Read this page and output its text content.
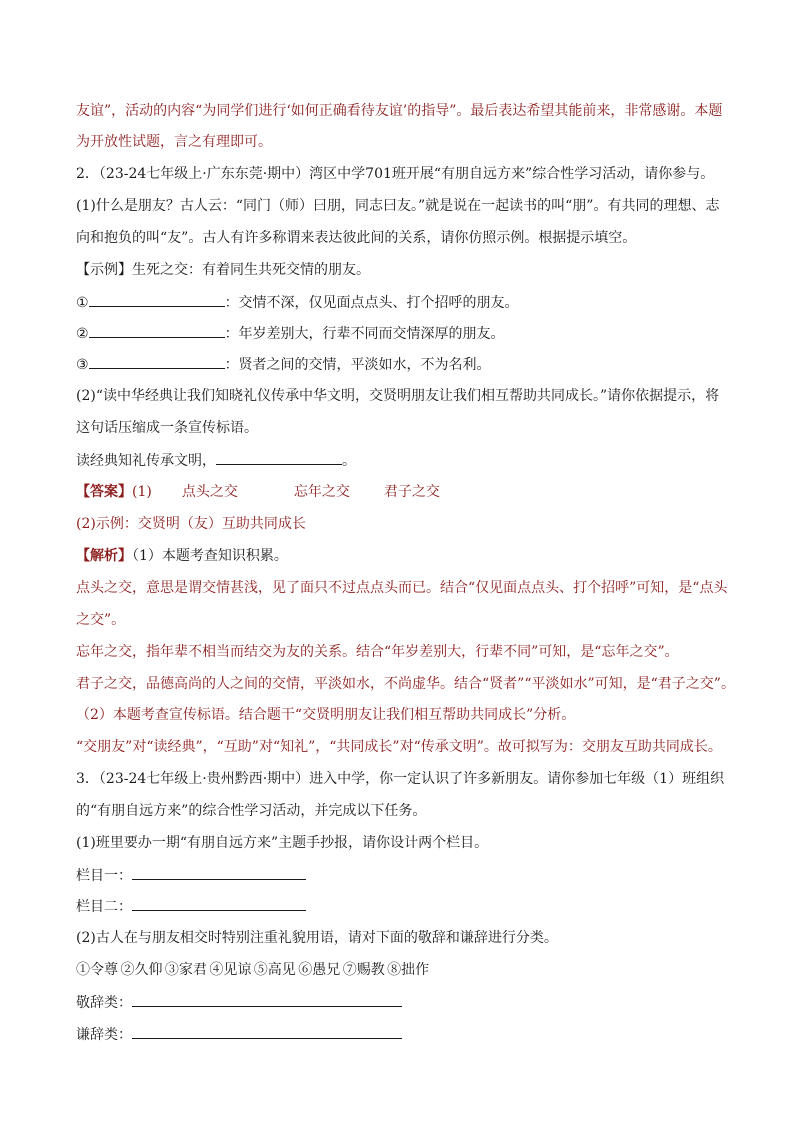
友谊”，活动的内容“为同学们进行‘如何正确看待友谊’的指导”。最后表达希望其能前来，非常感谢。本题
为开放性试题，言之有理即可。
2．（23-24七年级上·广东东莞·期中）湾区中学701班开展“有朋自远方来”综合性学习活动，请你参与。
(1)什么是朋友？古人云：“同门（师）曰朋，同志曰友。”就是说在一起读书的叫“朋”。有共同的理想、志
向和抱负的叫“友”。古人有许多称谓来表达彼此间的关系，请你仿照示例。根据提示填空。
【示例】生死之交：有着同生共死交情的朋友。
①	：交情不深，仅见面点点头、打个招呼的朋友。
②	：年岁差别大，行辈不同而交情深厚的朋友。
③	：贤者之间的交情，平淡如水，不为名利。
(2)“读中华经典让我们知晓礼仪传承中华文明，交贤明朋友让我们相互帮助共同成长。”请你依据提示，将
这句话压缩成一条宣传标语。
读经典知礼传承文明，	。
【答案】(1) 点头之交	忘年之交 君子之交
(2)示例：交贤明（友）互助共同成长
【解析】（1）本题考查知识积累。
点头之交，意思是谓交情甚浅，见了面只不过点点头而已。结合“仅见面点点头、打个招呼”可知，是“点头
之交”。
忘年之交，指年辈不相当而结交为友的关系。结合“年岁差别大，行辈不同”可知，是“忘年之交”。
君子之交，品德高尚的人之间的交情，平淡如水，不尚虚华。结合“贤者”“平淡如水”可知，是“君子之交”。
（2）本题考查宣传标语。结合题干“交贤明朋友让我们相互帮助共同成长”分析。
“交朋友”对“读经典”，“互助”对“知礼”，“共同成长”对“传承文明”。故可拟写为：交朋友互助共同成长。
3．（23-24七年级上·贵州黔西·期中）进入中学，你一定认识了许多新朋友。请你参加七年级（1）班组织
的“有朋自远方来”的综合性学习活动，并完成以下任务。
(1)班里要办一期“有朋自远方来”主题手抄报，请你设计两个栏目。
栏目一：
栏目二：
(2)古人在与朋友相交时特别注重礼貌用语，请对下面的敬辞和谦辞进行分类。
①令尊 ②久仰 ③家君 ④见谅 ⑤高见 ⑥愚兄 ⑦赐教 ⑧拙作
敬辞类：
谦辞类：
